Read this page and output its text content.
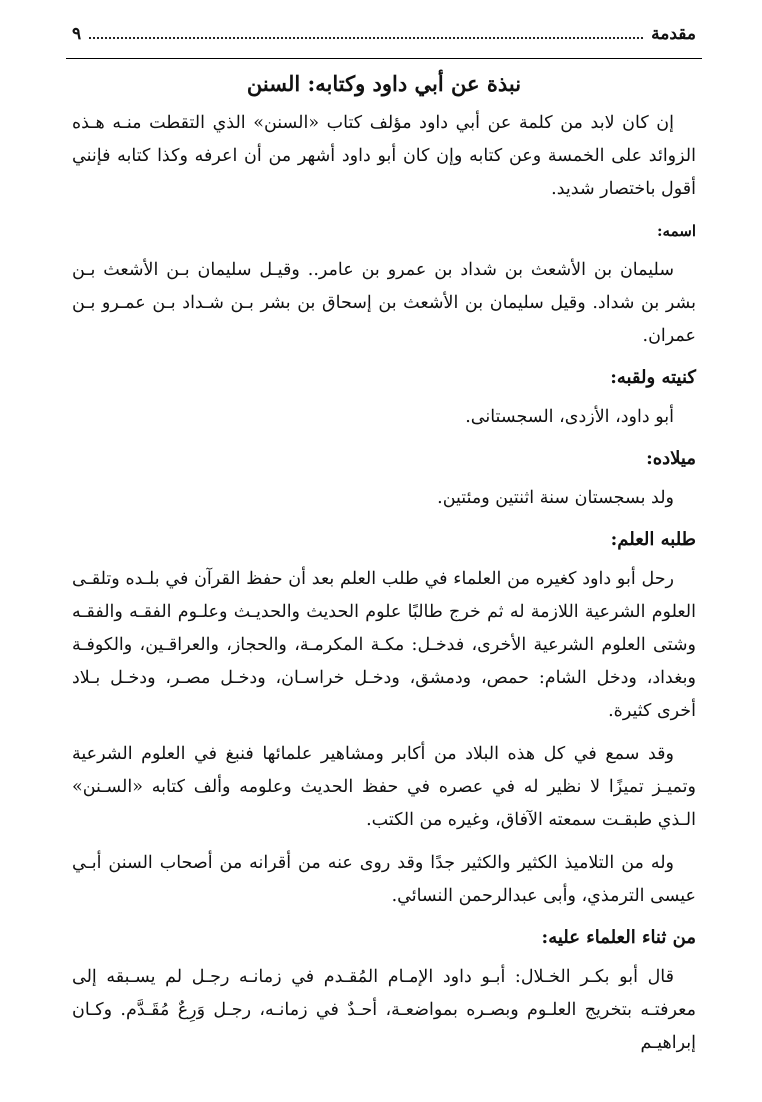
مقدمة
٩
نبذة عن أبي داود وكتابه: السنن

إن كان لابد من كلمة عن أبي داود مؤلف كتاب «السنن» الذي التقطت منـه هـذه الزوائد على الخمسة وعن كتابه وإن كان أبو داود أشهر من أن اعرفه وكذا كتابه فإنني أقول باختصار شديد.

اسمه:

سليمان بن الأشعث بن شداد بن عمرو بن عامر.. وقيـل سليمان بـن الأشعث بـن بشر بن شداد. وقيل سليمان بن الأشعث بن إسحاق بن بشر بـن شـداد بـن عمـرو بـن عمران.

كنيته ولقبه:

أبو داود، الأزدى، السجستانى.

ميلاده:

ولد بسجستان سنة اثنتين ومئتين.

طلبه العلم:

رحل أبو داود كغيره من العلماء في طلب العلم بعد أن حفظ القرآن في بلـده وتلقـى العلوم الشرعية اللازمة له ثم خرج طالبًا علوم الحديث والحديـث وعلـوم الفقـه والفقـه وشتى العلوم الشرعية الأخرى، فدخـل: مكـة المكرمـة، والحجاز، والعراقـين، والكوفـة وبغداد، ودخل الشام: حمص، ودمشق، ودخـل خراسـان، ودخـل مصـر، ودخـل بـلاد أخرى كثيرة.

وقد سمع في كل هذه البلاد من أكابر ومشاهير علمائها فنبغ في العلوم الشرعية وتميـز تميزًا لا نظير له في عصره في حفظ الحديث وعلومه وألف كتابه «السـنن» الـذي طبقـت سمعته الآفاق، وغيره من الكتب.

وله من التلاميذ الكثير والكثير جدًا وقد روى عنه من أقرانه من أصحاب السنن أبـي عيسى الترمذي، وأبى عبدالرحمن النسائي.

من ثناء العلماء عليه:

قال أبو بكـر الخـلال: أبـو داود الإمـام المُقـدم في زمانـه رجـل لم يسـبقه إلى معرفتـه بتخريج العلـوم وبصـره بمواضعـة، أحـدٌ في زمانـه، رجـل وَرِعٌ مُقَـدَّم. وكـان إبراهيـم
